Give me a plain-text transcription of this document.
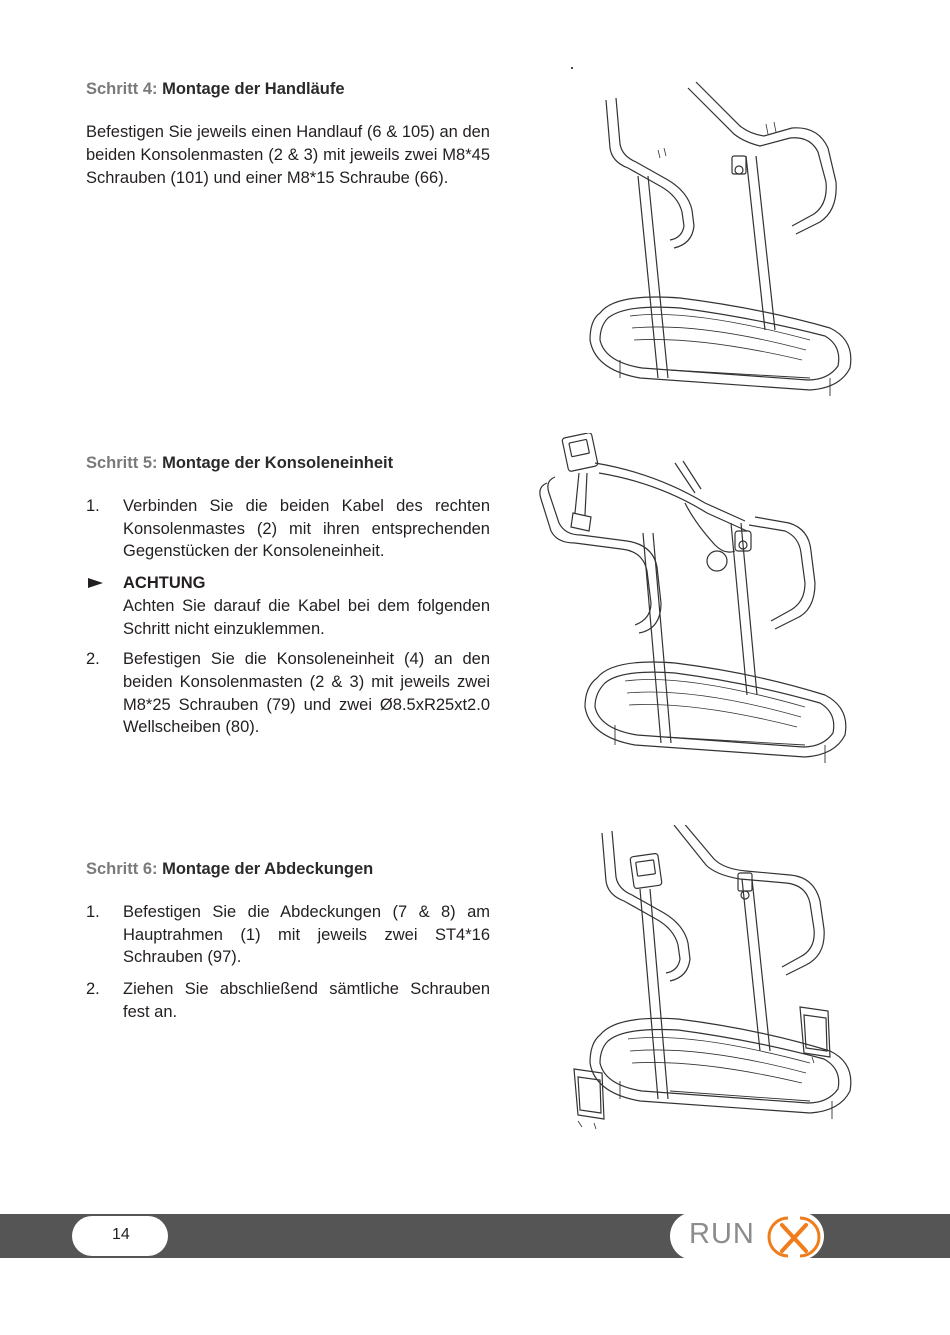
Schritt 4: Montage der Handläufe

Befestigen Sie jeweils einen Handlauf (6 & 105) an den beiden Konsolenmasten (2 & 3) mit jeweils zwei M8*45 Schrauben (101) und einer M8*15 Schraube (66).

Schritt 5: Montage der Konsoleneinheit
1. Verbinden Sie die beiden Kabel des rechten Konsolenmastes (2) mit ihren entsprechenden Gegenstücken der Konsoleneinheit.
ACHTUNG
Achten Sie darauf die Kabel bei dem folgenden Schritt nicht einzuklemmen.
2. Befestigen Sie die Konsoleneinheit (4) an den beiden Konsolenmasten (2 & 3) mit jeweils zwei M8*25 Schrauben (79) und zwei Ø8.5xR25xt2.0 Wellscheiben (80).
Schritt 6: Montage der Abdeckungen
1. Befestigen Sie die Abdeckungen (7 & 8) am Hauptrahmen (1) mit jeweils zwei ST4*16 Schrauben (97).
2. Ziehen Sie abschließend sämtliche Schrauben fest an.
14	RUN
